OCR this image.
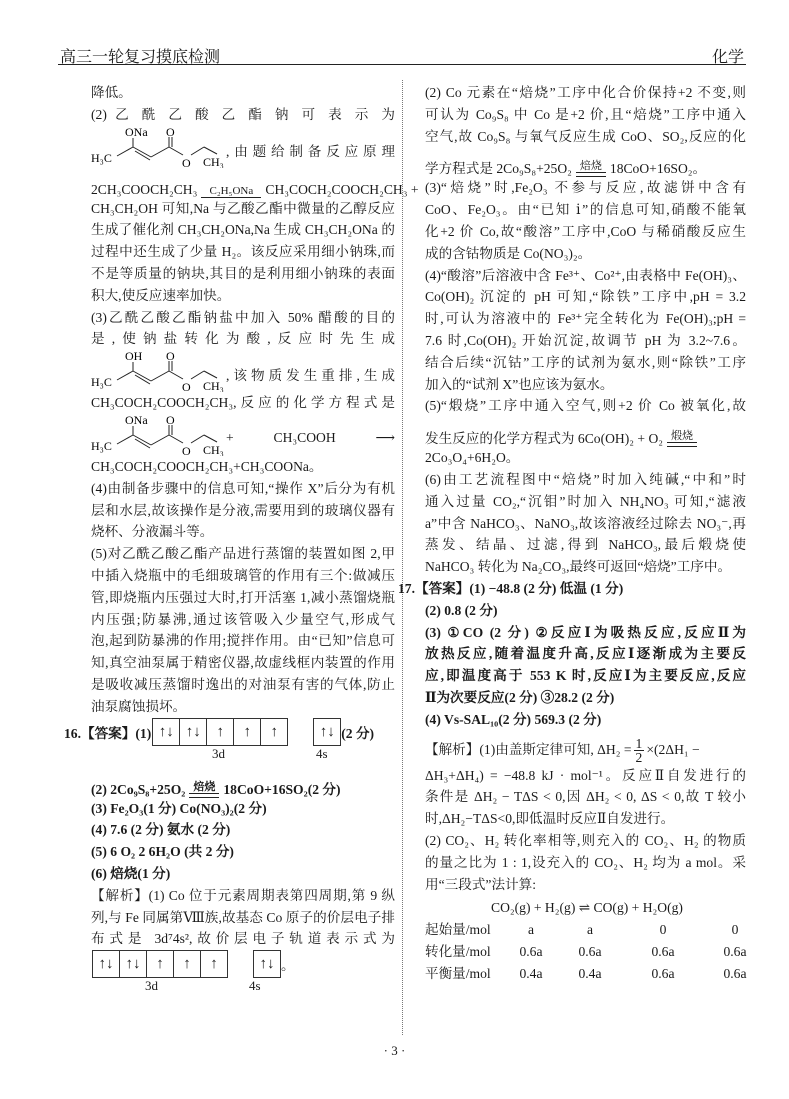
高三一轮复习摸底检测	化学
降低。
(2) 乙 酰 乙 酸 乙 酯 钠 可 表 示 为
ONa O
H₃C	O CH₃
,由题给制备反应原理
2CH₃COOCH₂CH₃ C₂H₅ONa CH₃COCH₂COOCH₂CH₃ +
CH₃CH₂OH 可知,Na 与乙酸乙酯中微量的乙醇反应
生成了催化剂 CH₃CH₂ONa,Na 生成 CH₃CH₂ONa 的
过程中还生成了少量 H₂。该反应采用细小钠珠,而
不是等质量的钠块,其目的是利用细小钠珠的表面
积大,使反应速率加快。
(3)乙酰乙酸乙酯钠盐中加入 50% 醋酸的目的
是,使钠盐转化为酸,反应时先生成
OH O
H₃C	O CH₃
,该物质发生重排,生成
CH₃COCH₂COOCH₂CH₃,反应的化学方程式是
ONa O
H₃C	O CH₃
+ CH₃COOH ⟶
CH₃COCH₂COOCH₂CH₃+CH₃COONa。
(4)由制备步骤中的信息可知,“操作 X”后分为有机
层和水层,故该操作是分液,需要用到的玻璃仪器有
烧杯、分液漏斗等。
(5)对乙酰乙酸乙酯产品进行蒸馏的装置如图 2,甲
中插入烧瓶中的毛细玻璃管的作用有三个:做减压
管,即烧瓶内压强过大时,打开活塞 1,减小蒸馏烧瓶
内压强;防暴沸,通过该管吸入少量空气,形成气
泡,起到防暴沸的作用;搅拌作用。由“已知”信息可
知,真空油泵属于精密仪器,故虚线框内装置的作用
是吸收减压蒸馏时逸出的对油泵有害的气体,防止
油泵腐蚀损坏。
16.【答案】(1) ↑↓ ↑↓	↑	↑	↑	↑↓ (2 分)
3d	4s
(2) 2Co₉S₈+25O₂ 焙烧 18CoO+16SO₂(2 分)
(3) Fe₂O₃(1 分) Co(NO₃)₂(2 分)
(4) 7.6 (2 分) 氨水 (2 分)
(5) 6 O₂ 2 6H₂O (共 2 分)
(6) 焙烧(1 分)
【解析】(1) Co 位于元素周期表第四周期,第 9 纵
列,与 Fe 同属第Ⅷ族,故基态 Co 原子的价层电子排
布式是 3d⁷4s²,故价层电子轨道表示式为
↑↓ ↑↓	↑	↑	↑	↑↓ 。
3d	4s
(2) Co 元素在“焙烧”工序中化合价保持+2 不变,则
可认为 Co₉S₈ 中 Co 是+2 价,且“焙烧”工序中通入
空气,故 Co₉S₈ 与氧气反应生成 CoO、SO₂,反应的化
学方程式是 2Co₉S₈+25O₂ 焙烧 18CoO+16SO₂。
(3)“焙烧”时,Fe₂O₃ 不参与反应,故滤饼中含有
CoO、Fe₂O₃。由“已知 ⅰ”的信息可知,硝酸不能氧
化+2 价 Co,故“酸溶”工序中,CoO 与稀硝酸反应生
成的含钴物质是 Co(NO₃)₂。
(4)“酸溶”后溶液中含 Fe³⁺、Co²⁺,由表格中 Fe(OH)₃、
Co(OH)₂ 沉淀的 pH 可知,“除铁”工序中,pH = 3.2
时,可认为溶液中的 Fe³⁺完全转化为 Fe(OH)₃;pH =
7.6 时,Co(OH)₂ 开始沉淀,故调节 pH 为 3.2~7.6。
结合后续“沉钴”工序的试剂为氨水,则“除铁”工序
加入的“试剂 X”也应该为氨水。
(5)“煅烧”工序中通入空气,则+2 价 Co 被氧化,故
发生反应的化学方程式为 6Co(OH)₂ + O₂ 煅烧
2Co₃O₄+6H₂O。
(6)由工艺流程图中“焙烧”时加入纯碱,“中和”时
通入过量 CO₂,“沉钼”时加入 NH₄NO₃ 可知,“滤液
a”中含 NaHCO₃、NaNO₃,故该溶液经过除去 NO₃⁻,再
蒸发、结晶、过滤,得到 NaHCO₃,最后煅烧使
NaHCO₃ 转化为 Na₂CO₃,最终可返回“焙烧”工序中。
17.【答案】(1) −48.8 (2 分) 低温 (1 分)
(2) 0.8 (2 分)
(3) ①CO (2 分) ②反应Ⅰ为吸热反应,反应Ⅱ为
放热反应,随着温度升高,反应Ⅰ逐渐成为主要反
应,即温度高于 553 K 时,反应Ⅰ为主要反应,反应
Ⅱ为次要反应(2 分) ③28.2 (2 分)
(4) Vs-SAL₁₀(2 分) 569.3 (2 分)
【解析】(1)由盖斯定律可知, $\Delta H_2 = \frac{1}{2} \times(2\Delta H_1$ −
ΔH₃+ΔH₄) = −48.8 kJ · mol⁻¹。反应Ⅱ自发进行的
条件是 ΔH₂ − TΔS < 0,因 ΔH₂ < 0, ΔS < 0,故 T 较小
时,ΔH₂−TΔS<0,即低温时反应Ⅱ自发进行。
(2) CO₂、H₂ 转化率相等,则充入的 CO₂、H₂ 的物质
的量之比为 1 : 1,设充入的 CO₂、H₂ 均为 a mol。采
用“三段式”法计算:
CO₂(g) + H₂(g) ⇌ CO(g) + H₂O(g)
起始量/mol	a	a	0	0
转化量/mol	0.6a	0.6a	0.6a	0.6a
平衡量/mol	0.4a	0.4a	0.6a	0.6a
· 3 ·
